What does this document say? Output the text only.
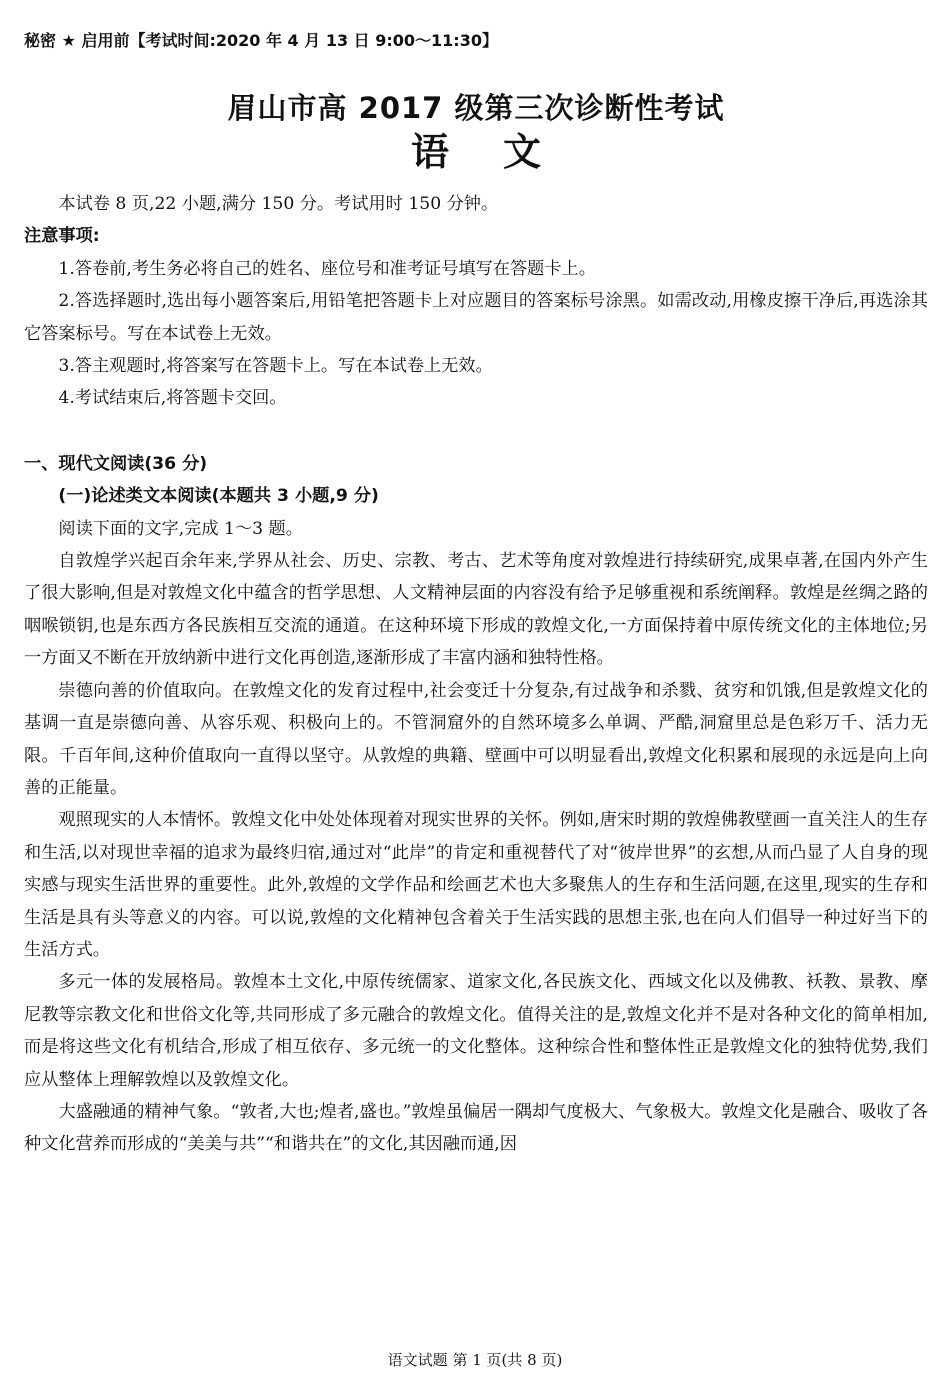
秘密 ★ 启用前【考试时间:2020 年 4 月 13 日 9:00～11:30】

眉山市高 2017 级第三次诊断性考试
语文

本试卷 8 页,22 小题,满分 150 分。考试用时 150 分钟。

注意事项:

1.答卷前,考生务必将自己的姓名、座位号和准考证号填写在答题卡上。

2.答选择题时,选出每小题答案后,用铅笔把答题卡上对应题目的答案标号涂黑。如需改动,用橡皮擦干净后,再选涂其它答案标号。写在本试卷上无效。

3.答主观题时,将答案写在答题卡上。写在本试卷上无效。

4.考试结束后,将答题卡交回。

一、现代文阅读(36 分)

(一)论述类文本阅读(本题共 3 小题,9 分)

阅读下面的文字,完成 1～3 题。

自敦煌学兴起百余年来,学界从社会、历史、宗教、考古、艺术等角度对敦煌进行持续研究,成果卓著,在国内外产生了很大影响,但是对敦煌文化中蕴含的哲学思想、人文精神层面的内容没有给予足够重视和系统阐释。敦煌是丝绸之路的咽喉锁钥,也是东西方各民族相互交流的通道。在这种环境下形成的敦煌文化,一方面保持着中原传统文化的主体地位;另一方面又不断在开放纳新中进行文化再创造,逐渐形成了丰富内涵和独特性格。

崇德向善的价值取向。在敦煌文化的发育过程中,社会变迁十分复杂,有过战争和杀戮、贫穷和饥饿,但是敦煌文化的基调一直是崇德向善、从容乐观、积极向上的。不管洞窟外的自然环境多么单调、严酷,洞窟里总是色彩万千、活力无限。千百年间,这种价值取向一直得以坚守。从敦煌的典籍、壁画中可以明显看出,敦煌文化积累和展现的永远是向上向善的正能量。

观照现实的人本情怀。敦煌文化中处处体现着对现实世界的关怀。例如,唐宋时期的敦煌佛教壁画一直关注人的生存和生活,以对现世幸福的追求为最终归宿,通过对“此岸”的肯定和重视替代了对“彼岸世界”的玄想,从而凸显了人自身的现实感与现实生活世界的重要性。此外,敦煌的文学作品和绘画艺术也大多聚焦人的生存和生活问题,在这里,现实的生存和生活是具有头等意义的内容。可以说,敦煌的文化精神包含着关于生活实践的思想主张,也在向人们倡导一种过好当下的生活方式。

多元一体的发展格局。敦煌本土文化,中原传统儒家、道家文化,各民族文化、西域文化以及佛教、袄教、景教、摩尼教等宗教文化和世俗文化等,共同形成了多元融合的敦煌文化。值得关注的是,敦煌文化并不是对各种文化的简单相加,而是将这些文化有机结合,形成了相互依存、多元统一的文化整体。这种综合性和整体性正是敦煌文化的独特优势,我们应从整体上理解敦煌以及敦煌文化。

大盛融通的精神气象。“敦者,大也;煌者,盛也。”敦煌虽偏居一隅却气度极大、气象极大。敦煌文化是融合、吸收了各种文化营养而形成的“美美与共”“和谐共在”的文化,其因融而通,因

语文试题 第 1 页(共 8 页)
